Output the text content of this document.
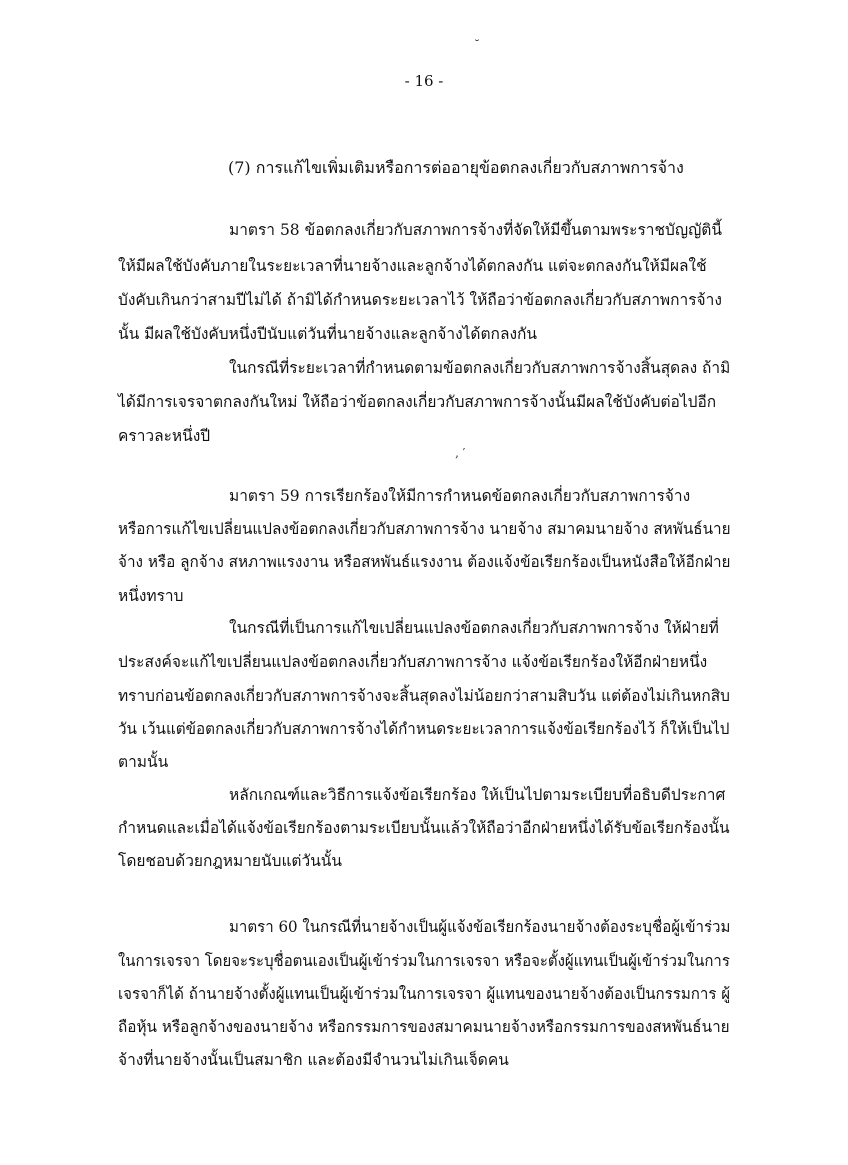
- 16 -
(7) การแก้ไขเพิ่มเติมหรือการต่ออายุข้อตกลงเกี่ยวกับสภาพการจ้าง
มาตรา 58 ข้อตกลงเกี่ยวกับสภาพการจ้างที่จัดให้มีขึ้นตามพระราชบัญญัตินี้
ให้มีผลใช้บังคับภายในระยะเวลาที่นายจ้างและลูกจ้างได้ตกลงกัน แต่จะตกลงกันให้มีผลใช้
บังคับเกินกว่าสามปีไม่ได้ ถ้ามิได้กำหนดระยะเวลาไว้ ให้ถือว่าข้อตกลงเกี่ยวกับสภาพการจ้าง
นั้น มีผลใช้บังคับหนึ่งปีนับแต่วันที่นายจ้างและลูกจ้างได้ตกลงกัน
ในกรณีที่ระยะเวลาที่กำหนดตามข้อตกลงเกี่ยวกับสภาพการจ้างสิ้นสุดลง ถ้ามิ
ได้มีการเจรจาตกลงกันใหม่ ให้ถือว่าข้อตกลงเกี่ยวกับสภาพการจ้างนั้นมีผลใช้บังคับต่อไปอีก
คราวละหนึ่งปี
มาตรา 59 การเรียกร้องให้มีการกำหนดข้อตกลงเกี่ยวกับสภาพการจ้าง
หรือการแก้ไขเปลี่ยนแปลงข้อตกลงเกี่ยวกับสภาพการจ้าง นายจ้าง สมาคมนายจ้าง สหพันธ์นาย
จ้าง หรือ ลูกจ้าง สหภาพแรงงาน หรือสหพันธ์แรงงาน ต้องแจ้งข้อเรียกร้องเป็นหนังสือให้อีกฝ่าย
หนึ่งทราบ
ในกรณีที่เป็นการแก้ไขเปลี่ยนแปลงข้อตกลงเกี่ยวกับสภาพการจ้าง ให้ฝ่ายที่
ประสงค์จะแก้ไขเปลี่ยนแปลงข้อตกลงเกี่ยวกับสภาพการจ้าง แจ้งข้อเรียกร้องให้อีกฝ่ายหนึ่ง
ทราบก่อนข้อตกลงเกี่ยวกับสภาพการจ้างจะสิ้นสุดลงไม่น้อยกว่าสามสิบวัน แต่ต้องไม่เกินหกสิบ
วัน เว้นแต่ข้อตกลงเกี่ยวกับสภาพการจ้างได้กำหนดระยะเวลาการแจ้งข้อเรียกร้องไว้ ก็ให้เป็นไป
ตามนั้น
หลักเกณฑ์และวิธีการแจ้งข้อเรียกร้อง ให้เป็นไปตามระเบียบที่อธิบดีประกาศ
กำหนดและเมื่อได้แจ้งข้อเรียกร้องตามระเบียบนั้นแล้วให้ถือว่าอีกฝ่ายหนึ่งได้รับข้อเรียกร้องนั้น
โดยชอบด้วยกฎหมายนับแต่วันนั้น
มาตรา 60 ในกรณีที่นายจ้างเป็นผู้แจ้งข้อเรียกร้องนายจ้างต้องระบุชื่อผู้เข้าร่วม
ในการเจรจา โดยจะระบุชื่อตนเองเป็นผู้เข้าร่วมในการเจรจา หรือจะตั้งผู้แทนเป็นผู้เข้าร่วมในการ
เจรจาก็ได้ ถ้านายจ้างตั้งผู้แทนเป็นผู้เข้าร่วมในการเจรจา ผู้แทนของนายจ้างต้องเป็นกรรมการ ผู้
ถือหุ้น หรือลูกจ้างของนายจ้าง หรือกรรมการของสมาคมนายจ้างหรือกรรมการของสหพันธ์นาย
จ้างที่นายจ้างนั้นเป็นสมาชิก และต้องมีจำนวนไม่เกินเจ็ดคน
˘
‚ ′
